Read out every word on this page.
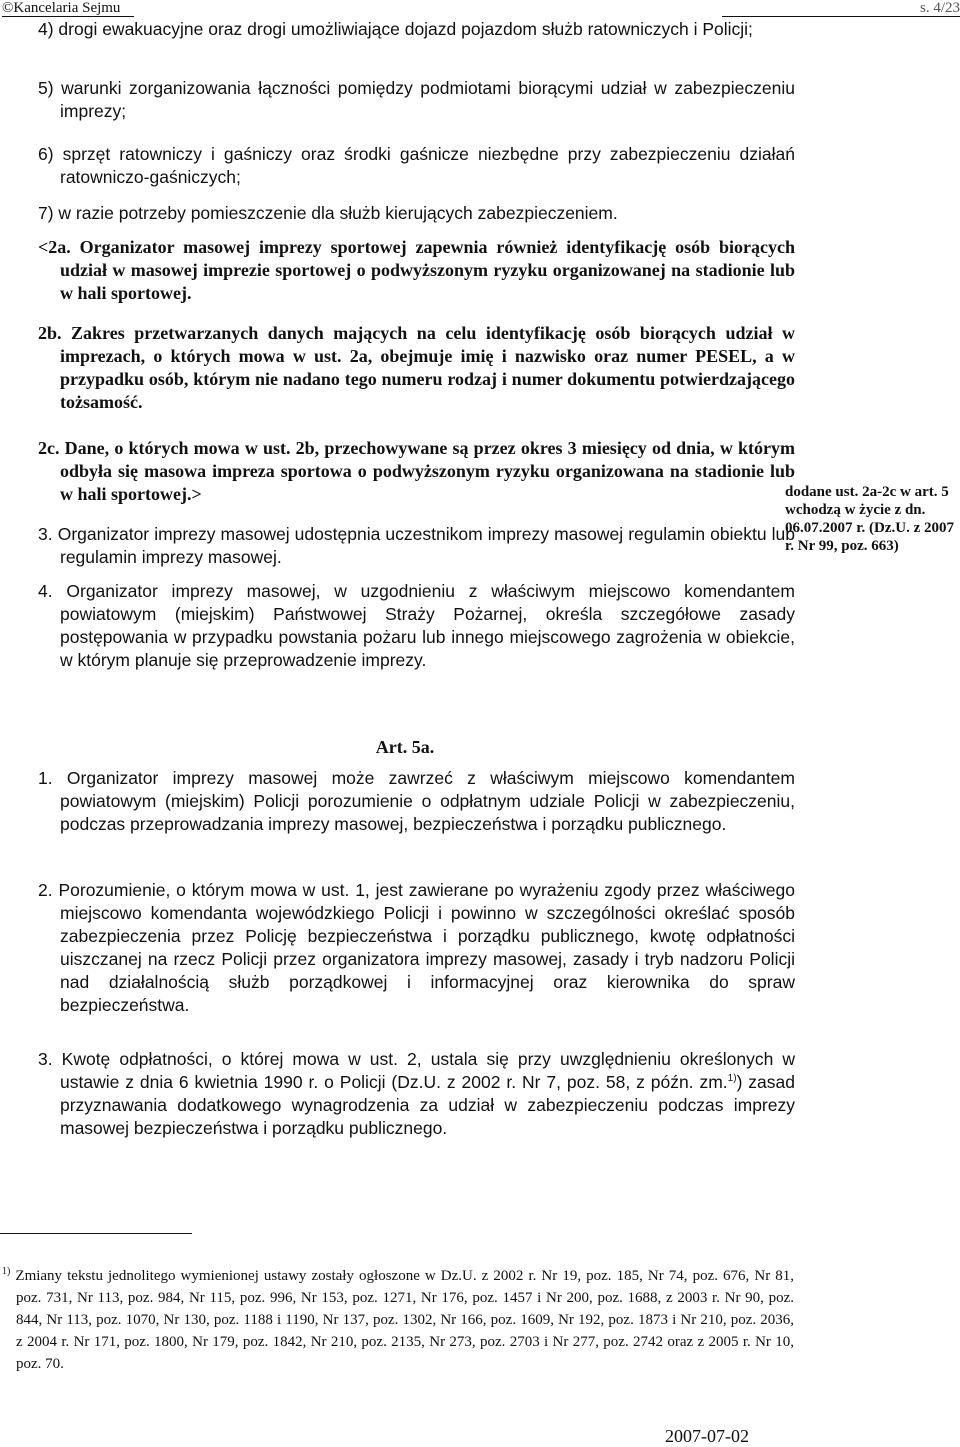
©Kancelaria Sejmu	s. 4/23

4) drogi ewakuacyjne oraz drogi umożliwiające dojazd pojazdom służb ratowniczych i Policji;

5) warunki zorganizowania łączności pomiędzy podmiotami biorącymi udział w zabezpieczeniu imprezy;

6) sprzęt ratowniczy i gaśniczy oraz środki gaśnicze niezbędne przy zabezpieczeniu działań ratowniczo-gaśniczych;

7) w razie potrzeby pomieszczenie dla służb kierujących zabezpieczeniem.

<2a. Organizator masowej imprezy sportowej zapewnia również identyfikację osób biorących udział w masowej imprezie sportowej o podwyższonym ryzyku organizowanej na stadionie lub w hali sportowej.

2b. Zakres przetwarzanych danych mających na celu identyfikację osób biorących udział w imprezach, o których mowa w ust. 2a, obejmuje imię i nazwisko oraz numer PESEL, a w przypadku osób, którym nie nadano tego numeru rodzaj i numer dokumentu potwierdzającego tożsamość.

2c. Dane, o których mowa w ust. 2b, przechowywane są przez okres 3 miesięcy od dnia, w którym odbyła się masowa impreza sportowa o podwyższonym ryzyku organizowana na stadionie lub w hali sportowej.>	dodane ust. 2a-2c w art. 5 wchodzą w życie z dn. 06.07.2007 r. (Dz.U. z 2007 r. Nr 99, poz. 663)

3. Organizator imprezy masowej udostępnia uczestnikom imprezy masowej regulamin obiektu lub regulamin imprezy masowej.

4. Organizator imprezy masowej, w uzgodnieniu z właściwym miejscowo komendantem powiatowym (miejskim) Państwowej Straży Pożarnej, określa szczegółowe zasady postępowania w przypadku powstania pożaru lub innego miejscowego zagrożenia w obiekcie, w którym planuje się przeprowadzenie imprezy.

Art. 5a.

1. Organizator imprezy masowej może zawrzeć z właściwym miejscowo komendantem powiatowym (miejskim) Policji porozumienie o odpłatnym udziale Policji w zabezpieczeniu, podczas przeprowadzania imprezy masowej, bezpieczeństwa i porządku publicznego.

2. Porozumienie, o którym mowa w ust. 1, jest zawierane po wyrażeniu zgody przez właściwego miejscowo komendanta wojewódzkiego Policji i powinno w szczególności określać sposób zabezpieczenia przez Policję bezpieczeństwa i porządku publicznego, kwotę odpłatności uiszczanej na rzecz Policji przez organizatora imprezy masowej, zasady i tryb nadzoru Policji nad działalnością służb porządkowej i informacyjnej oraz kierownika do spraw bezpieczeństwa.

3. Kwotę odpłatności, o której mowa w ust. 2, ustala się przy uwzględnieniu określonych w ustawie z dnia 6 kwietnia 1990 r. o Policji (Dz.U. z 2002 r. Nr 7, poz. 58, z późn. zm.$^{1)}$) zasad przyznawania dodatkowego wynagrodzenia za udział w zabezpieczeniu podczas imprezy masowej bezpieczeństwa i porządku publicznego.

$^{1)}$ Zmiany tekstu jednolitego wymienionej ustawy zostały ogłoszone w Dz.U. z 2002 r. Nr 19, poz. 185, Nr 74, poz. 676, Nr 81, poz. 731, Nr 113, poz. 984, Nr 115, poz. 996, Nr 153, poz. 1271, Nr 176, poz. 1457 i Nr 200, poz. 1688, z 2003 r. Nr 90, poz. 844, Nr 113, poz. 1070, Nr 130, poz. 1188 i 1190, Nr 137, poz. 1302, Nr 166, poz. 1609, Nr 192, poz. 1873 i Nr 210, poz. 2036, z 2004 r. Nr 171, poz. 1800, Nr 179, poz. 1842, Nr 210, poz. 2135, Nr 273, poz. 2703 i Nr 277, poz. 2742 oraz z 2005 r. Nr 10, poz. 70.

2007-07-02
